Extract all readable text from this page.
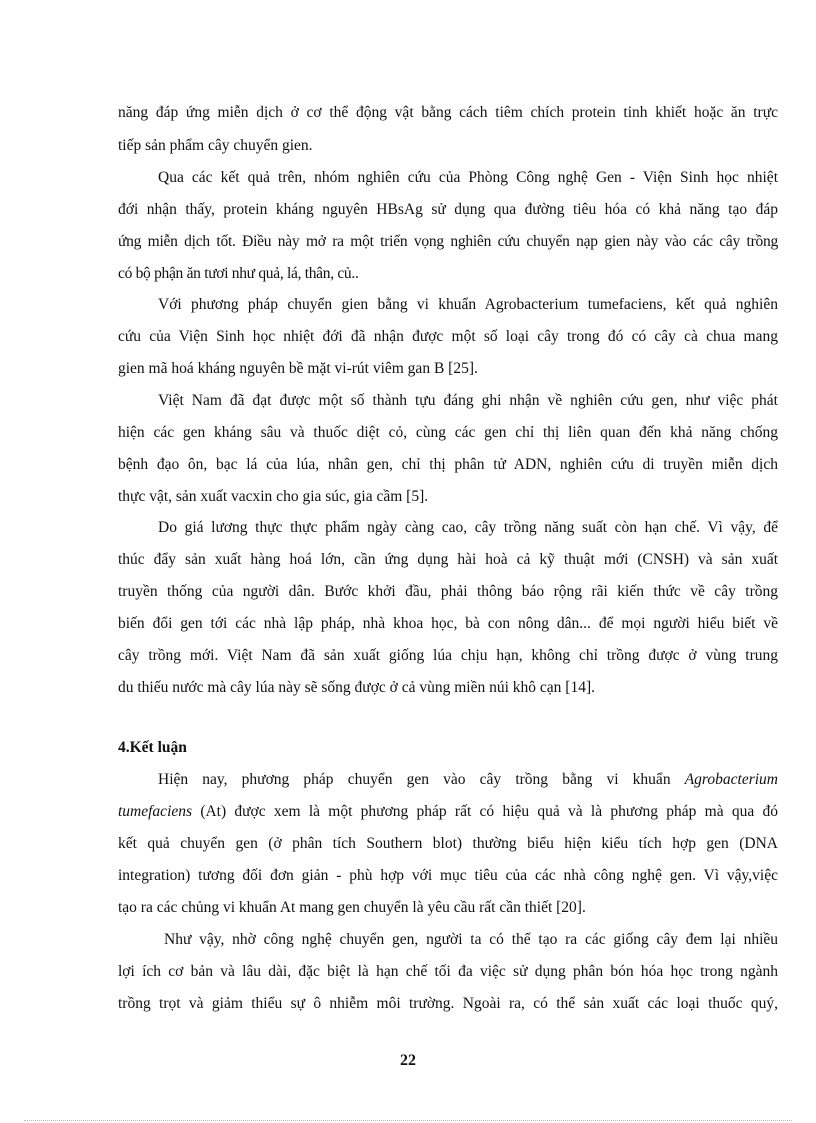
năng đáp ứng miễn dịch ở cơ thể động vật bằng cách tiêm chích protein tinh khiết hoặc ăn trực
tiếp sản phẩm cây chuyển gien.
Qua các kết quả trên, nhóm nghiên cứu của Phòng Công nghệ Gen - Viện Sinh học nhiệt
đới nhận thấy, protein kháng nguyên HBsAg sử dụng qua đường tiêu hóa có khả năng tạo đáp
ứng miễn dịch tốt. Điều này mở ra một triển vọng nghiên cứu chuyển nạp gien này vào các cây trồng
có bộ phận ăn tươi như quả, lá, thân, củ..
Với phương pháp chuyển gien bằng vi khuẩn Agrobacterium tumefaciens, kết quả nghiên
cứu của Viện Sinh học nhiệt đới đã nhận được một số loại cây trong đó có cây cà chua mang
gien mã hoá kháng nguyên bề mặt vi-rút viêm gan B [25].
Việt Nam đã đạt được một số thành tựu đáng ghi nhận về nghiên cứu gen, như việc phát
hiện các gen kháng sâu và thuốc diệt cỏ, cùng các gen chỉ thị liên quan đến khả năng chống
bệnh đạo ôn, bạc lá của lúa, nhân gen, chỉ thị phân tử ADN, nghiên cứu di truyền miễn dịch
thực vật, sản xuất vacxin cho gia súc, gia cầm [5].
Do giá lương thực thực phẩm ngày càng cao, cây trồng năng suất còn hạn chế. Vì vậy, để
thúc đẩy sản xuất hàng hoá lớn, cần ứng dụng hài hoà cả kỹ thuật mới (CNSH) và sản xuất
truyền thống của người dân. Bước khởi đầu, phải thông báo rộng rãi kiến thức về cây trồng
biến đổi gen tới các nhà lập pháp, nhà khoa học, bà con nông dân... để mọi người hiểu biết về
cây trồng mới. Việt Nam đã sản xuất giống lúa chịu hạn, không chỉ trồng được ở vùng trung
du thiếu nước mà cây lúa này sẽ sống được ở cả vùng miền núi khô cạn [14].
4.Kết luận
Hiện nay, phương pháp chuyển gen vào cây trồng bằng vi khuẩn Agrobacterium
tumefaciens (At) được xem là một phương pháp rất có hiệu quả và là phương pháp mà qua đó
kết quả chuyển gen (ở phân tích Southern blot) thường biểu hiện kiểu tích hợp gen (DNA
integration) tương đối đơn giản - phù hợp với mục tiêu của các nhà công nghệ gen. Vì vậy,việc
tạo ra các chủng vi khuẩn At mang gen chuyển là yêu cầu rất cần thiết [20].
Như vậy, nhờ công nghệ chuyển gen, người ta có thể tạo ra các giống cây đem lại nhiều
lợi ích cơ bản và lâu dài, đặc biệt là hạn chế tối đa việc sử dụng phân bón hóa học trong ngành
trồng trọt và giảm thiểu sự ô nhiễm môi trường. Ngoài ra, có thể sản xuất các loại thuốc quý,
22
